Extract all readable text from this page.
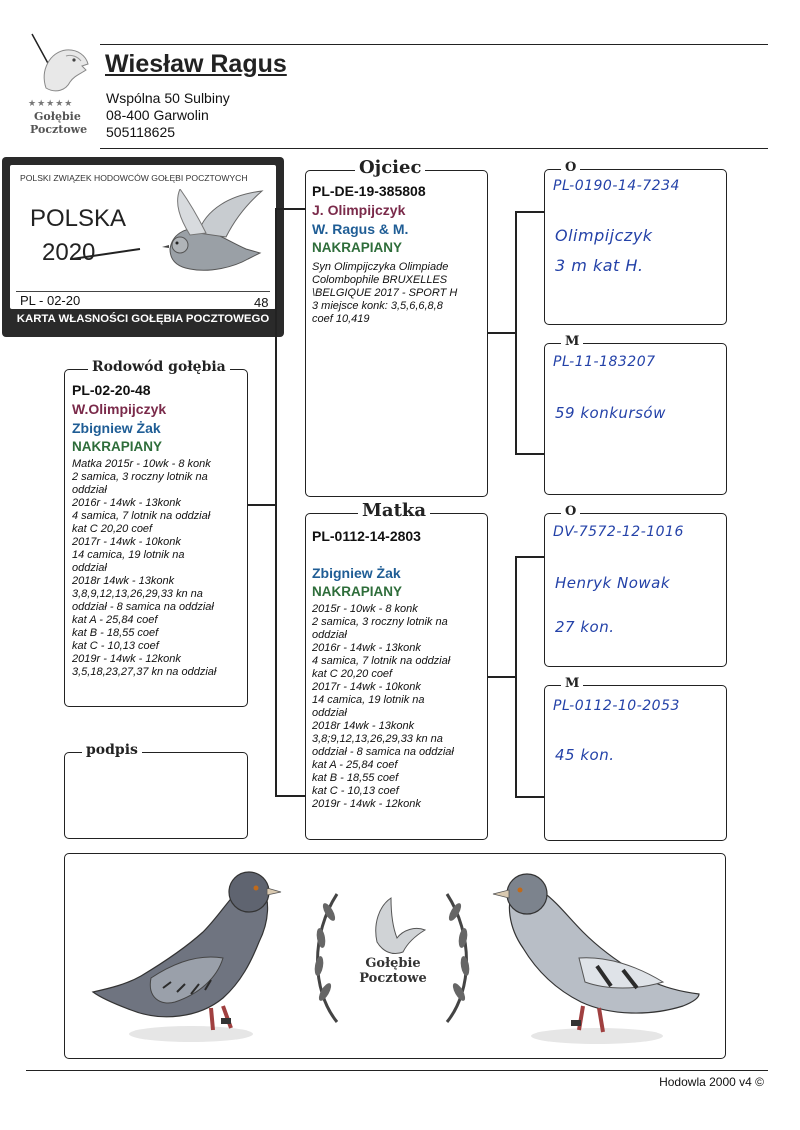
★★★★★
Gołębie
Pocztowe
Wiesław Ragus
Wspólna 50 Sulbiny
08-400 Garwolin
505118625
POLSKI ZWIĄZEK HODOWCÓW GOŁĘBI POCZTOWYCH
POLSKA
2020
PL - 02-20	48
KARTA WŁASNOŚCI GOŁĘBIA POCZTOWEGO
PL-02-20-48
W.Olimpijczyk
Zbigniew Żak
NAKRAPIANY
Matka 2015r - 10wk - 8 konk
2 samica, 3 roczny lotnik na
oddział
2016r - 14wk - 13konk
4 samica, 7 lotnik na oddział
kat C 20,20 coef
2017r - 14wk - 10konk
14 camica, 19 lotnik na
oddział
2018r 14wk - 13konk
3,8,9,12,13,26,29,33 kn na
oddział - 8 samica na oddział
kat A - 25,84 coef
kat B - 18,55 coef
kat C - 10,13 coef
2019r - 14wk - 12konk
3,5,18,23,27,37 kn na oddział
Rodowód gołębia
podpis
PL-DE-19-385808
J. Olimpijczyk
W. Ragus & M.
NAKRAPIANY
Syn Olimpijczyka Olimpiade
Colombophile BRUXELLES
\BELGIQUE 2017 - SPORT H
3 miejsce konk: 3,5,6,6,8,8
coef 10,419
Ojciec
PL-0112-14-2803
Zbigniew Żak
NAKRAPIANY
2015r - 10wk - 8 konk
2 samica, 3 roczny lotnik na
oddział
2016r - 14wk - 13konk
4 samica, 7 lotnik na oddział
kat C 20,20 coef
2017r - 14wk - 10konk
14 camica, 19 lotnik na
oddział
2018r 14wk - 13konk
3,8;9,12,13,26,29,33 kn na
oddział - 8 samica na oddział
kat A - 25,84 coef
kat B - 18,55 coef
kat C - 10,13 coef
2019r - 14wk - 12konk
Matka
PL-0190-14-7234
Olimpijczyk
3 m kat H.
O
PL-11-183207
59 konkursów
M
DV-7572-12-1016
Henryk Nowak
27 kon.
O
PL-0112-10-2053
45 kon.
M
Gołębie
Pocztowe
Hodowla 2000 v4 ©
